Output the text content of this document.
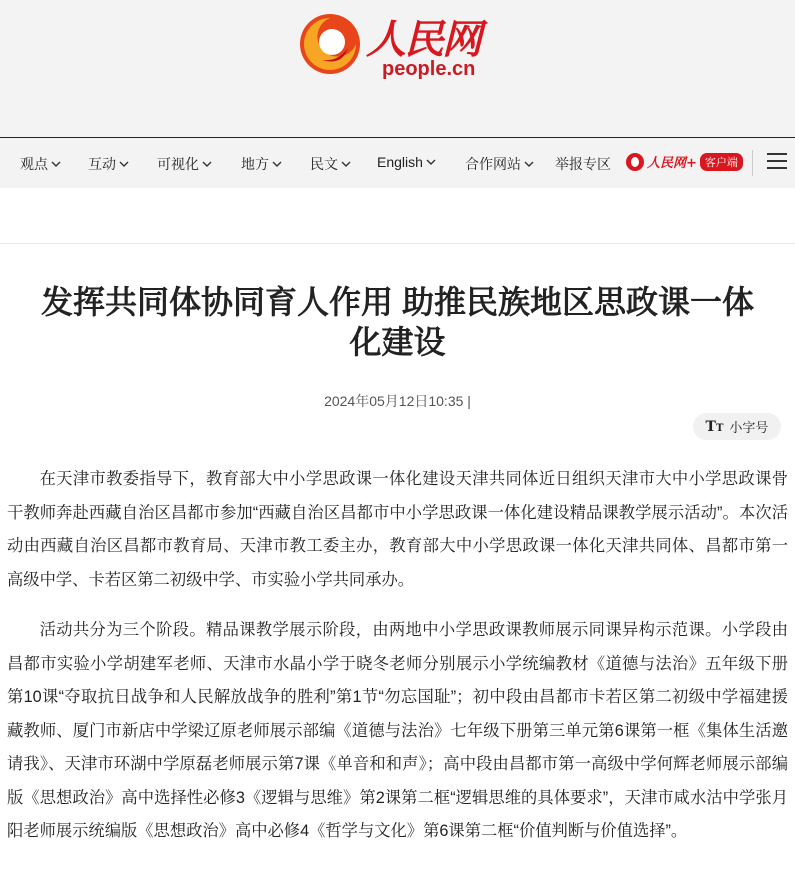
人民网
people.cn
观点	互动	可视化	地方	民文	English	合作网站 举报专区	人民网+ 客户端
发挥共同体协同育人作用 助推民族地区思政课一体
化建设
2024年05月12日10:35 |
TT 小字号

在天津市教委指导下，教育部大中小学思政课一体化建设天津共同体近日组织天津市大中小学思政课骨干教师奔赴西藏自治区昌都市参加“西藏自治区昌都市中小学思政课一体化建设精品课教学展示活动”。本次活动由西藏自治区昌都市教育局、天津市教工委主办，教育部大中小学思政课一体化天津共同体、昌都市第一高级中学、卡若区第二初级中学、市实验小学共同承办。

活动共分为三个阶段。精品课教学展示阶段，由两地中小学思政课教师展示同课异构示范课。小学段由昌都市实验小学胡建军老师、天津市水晶小学于晓冬老师分别展示小学统编教材《道德与法治》五年级下册第10课“夺取抗日战争和人民解放战争的胜利”第1节“勿忘国耻”；初中段由昌都市卡若区第二初级中学福建援藏教师、厦门市新店中学梁辽原老师展示部编《道德与法治》七年级下册第三单元第6课第一框《集体生活邀请我》、天津市环湖中学原磊老师展示第7课《单音和和声》；高中段由昌都市第一高级中学何辉老师展示部编版《思想政治》高中选择性必修3《逻辑与思维》第2课第二框“逻辑思维的具体要求”，天津市咸水沽中学张月阳老师展示统编版《思想政治》高中必修4《哲学与文化》第6课第二框“价值判断与价值选择”。
